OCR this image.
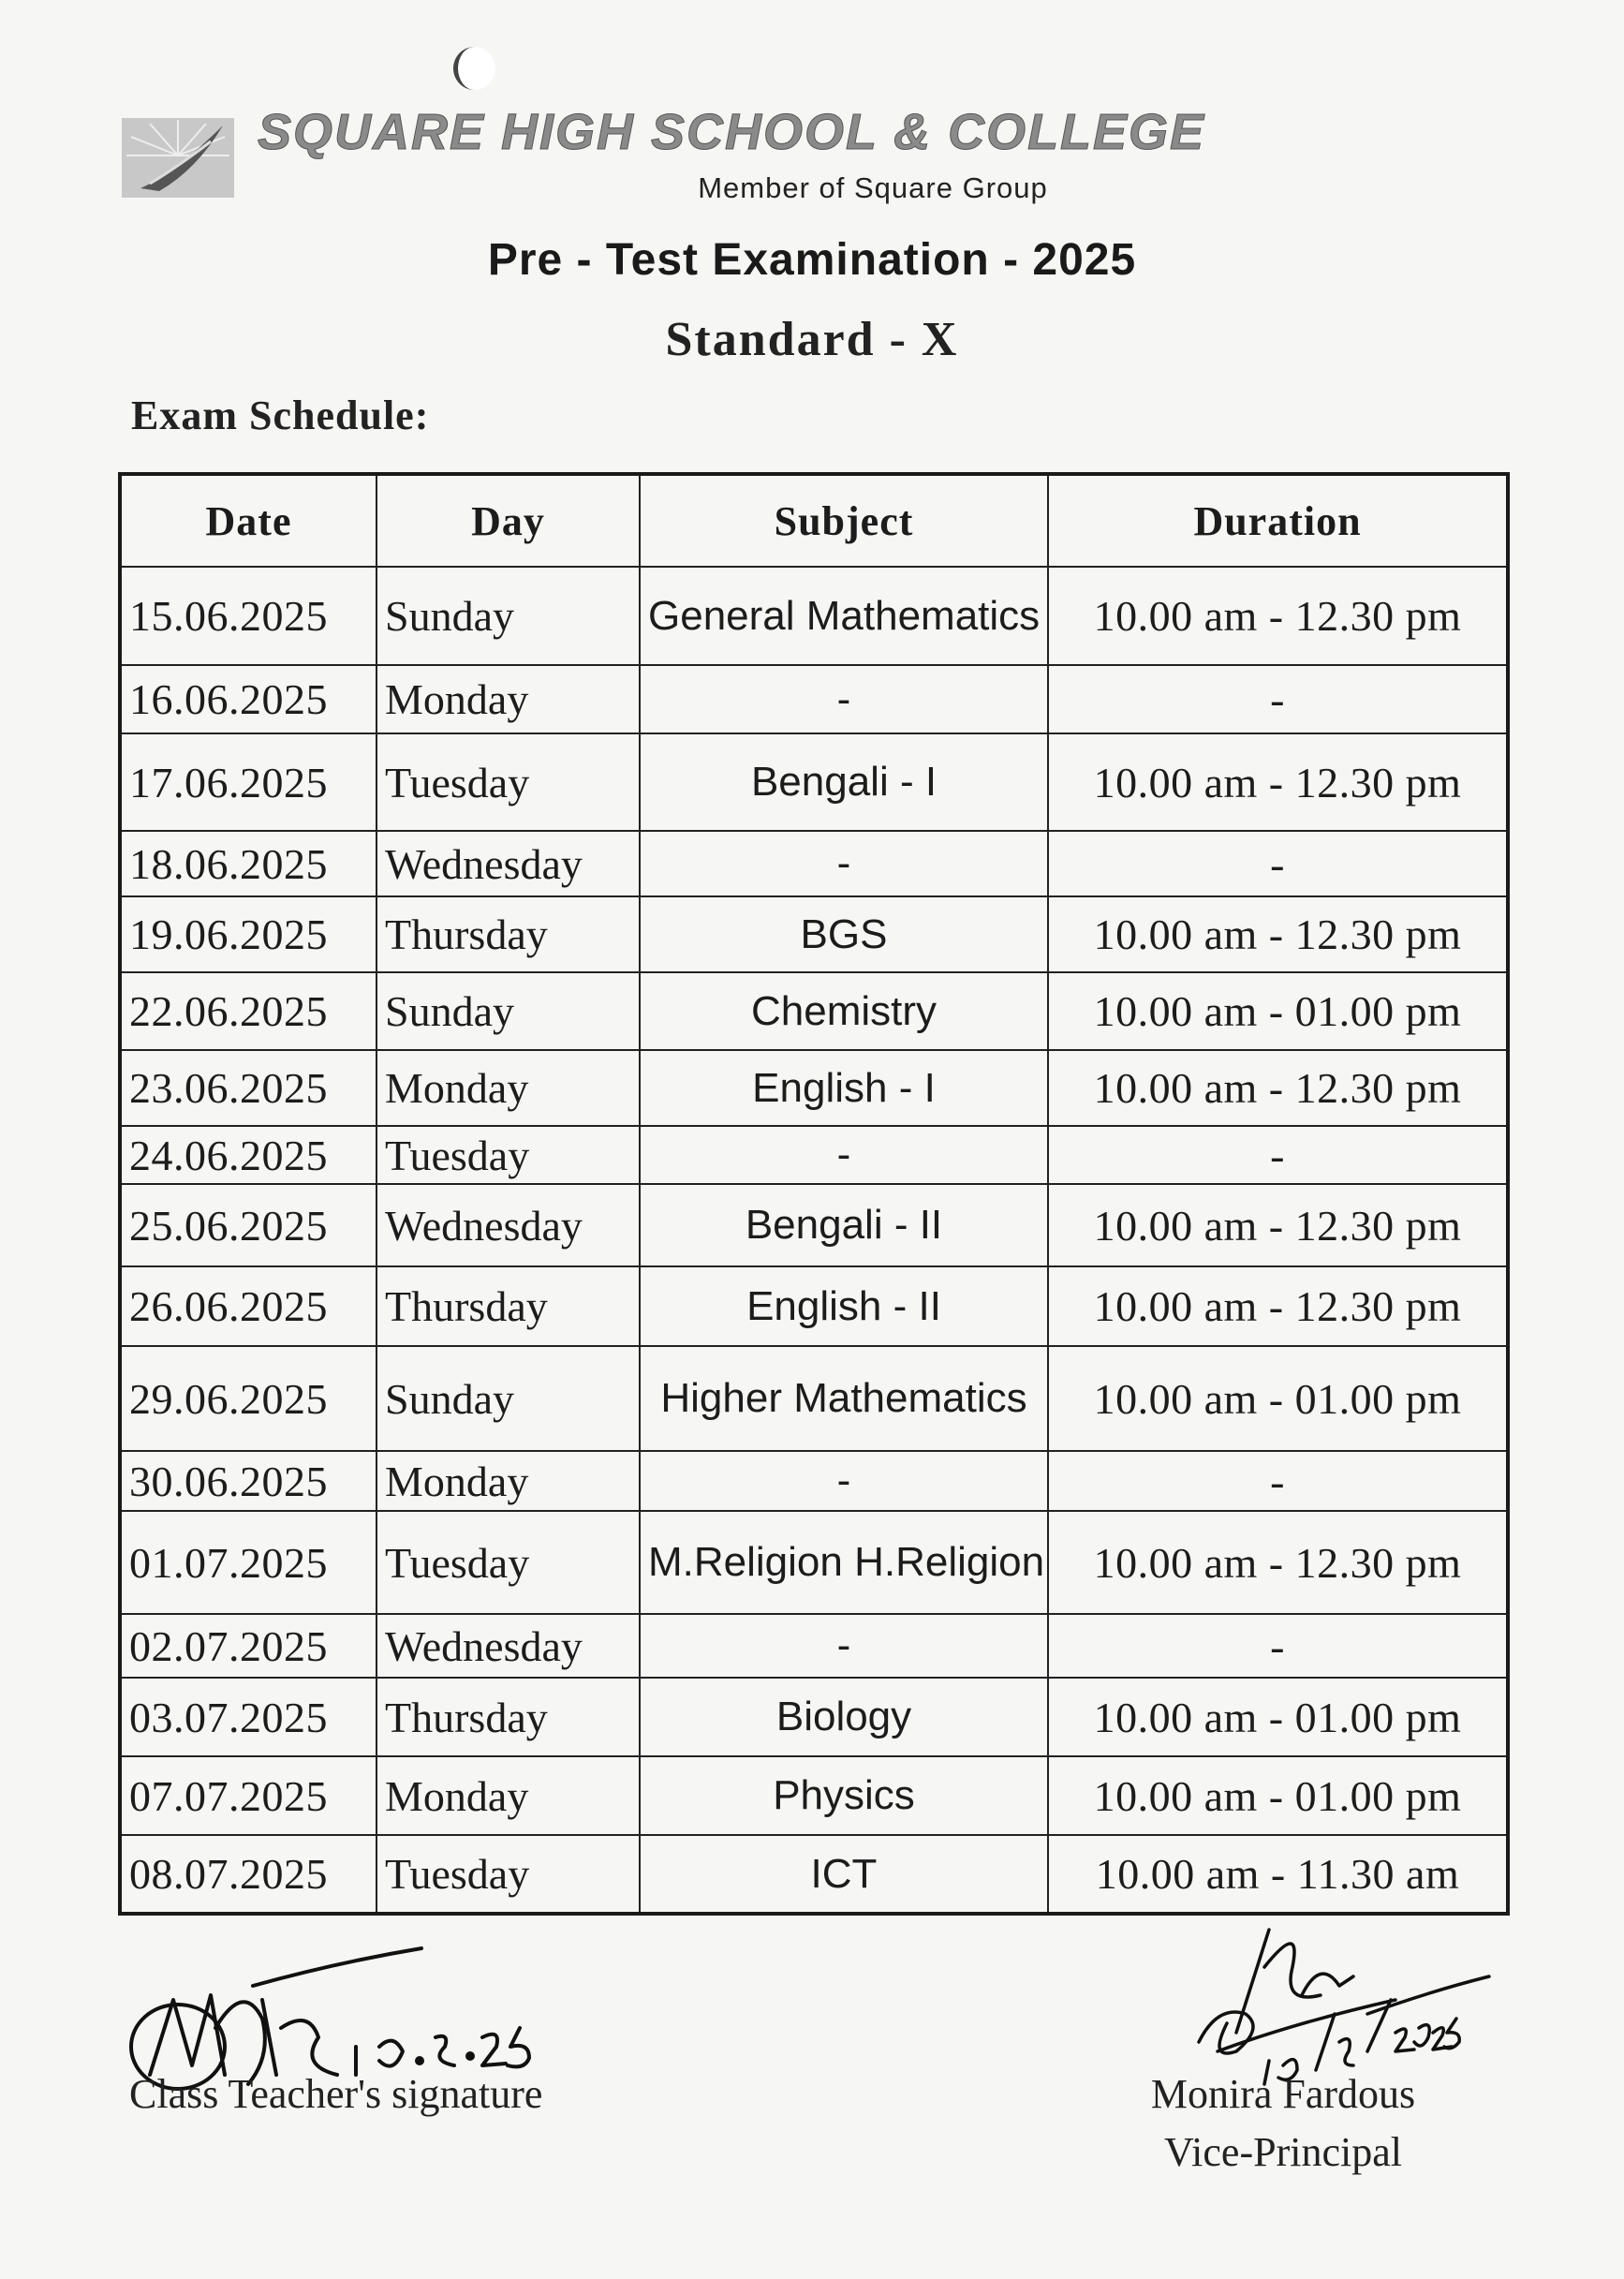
SQUARE HIGH SCHOOL & COLLEGE
Member of Square Group
Pre - Test Examination - 2025
Standard - X
Exam Schedule:
Date	Day	Subject	Duration
15.06.2025	Sunday	General Mathematics	10.00 am - 12.30 pm
16.06.2025	Monday	-	-
17.06.2025	Tuesday	Bengali - I	10.00 am - 12.30 pm
18.06.2025	Wednesday	-	-
19.06.2025	Thursday	BGS	10.00 am - 12.30 pm
22.06.2025	Sunday	Chemistry	10.00 am - 01.00 pm
23.06.2025	Monday	English - I	10.00 am - 12.30 pm
24.06.2025	Tuesday	-	-
25.06.2025	Wednesday	Bengali - II	10.00 am - 12.30 pm
26.06.2025	Thursday	English - II	10.00 am - 12.30 pm
29.06.2025	Sunday	Higher Mathematics	10.00 am - 01.00 pm
30.06.2025	Monday	-	-
01.07.2025	Tuesday	M.Religion H.Religion	10.00 am - 12.30 pm
02.07.2025	Wednesday	-	-
03.07.2025	Thursday	Biology	10.00 am - 01.00 pm
07.07.2025	Monday	Physics	10.00 am - 01.00 pm
08.07.2025	Tuesday	ICT	10.00 am - 11.30 am
Class Teacher's signature	Monira Fardous
Vice-Principal
